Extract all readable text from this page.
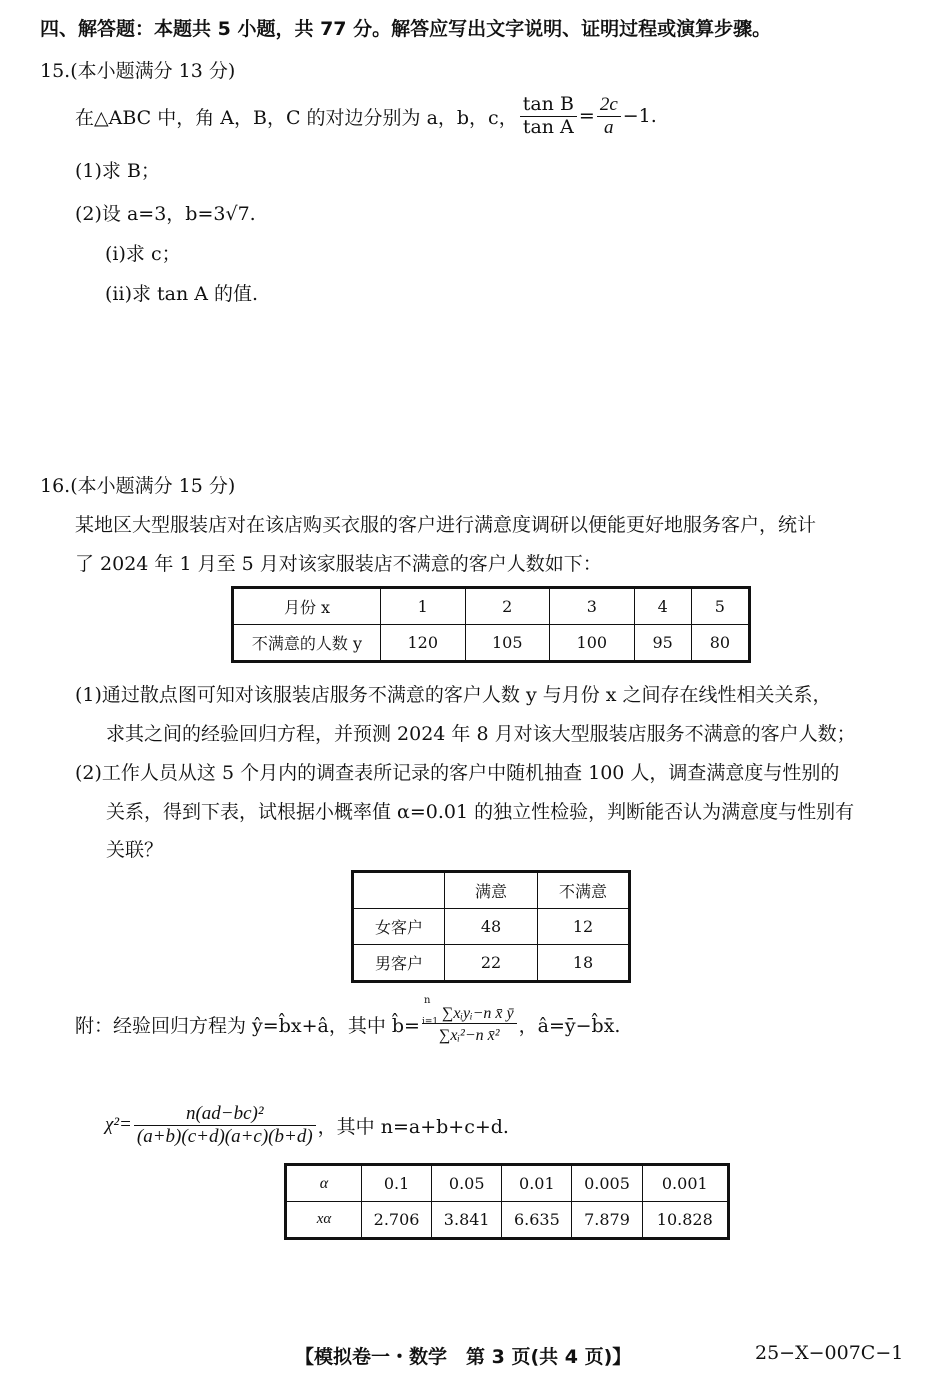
四、解答题：本题共 5 小题，共 77 分。解答应写出文字说明、证明过程或演算步骤。
15.(本小题满分 13 分)
在△ABC 中，角 A，B，C 的对边分别为 a，b，c， $\frac{\text{tan B}}{\text{tan A}} = \frac{2c}{a} -1$.
(1)求 B；
(2)设 a=3，b=3√7.
(ⅰ)求 c；
(ⅱ)求 tan A 的值.
16.(本小题满分 15 分)
某地区大型服装店对在该店购买衣服的客户进行满意度调研以便能更好地服务客户，统计
了 2024 年 1 月至 5 月对该家服装店不满意的客户人数如下：
月份 x	1	2	3	4	5
不满意的人数 y	120	105	100	95	80
(1)通过散点图可知对该服装店服务不满意的客户人数 y 与月份 x 之间存在线性相关关系，
求其之间的经验回归方程，并预测 2024 年 8 月对该大型服装店服务不满意的客户人数；
(2)工作人员从这 5 个月内的调查表所记录的客户中随机抽查 100 人，调查满意度与性别的
关系，得到下表，试根据小概率值 α=0.01 的独立性检验，判断能否认为满意度与性别有
关联？
	满意	不满意
女客户	48	12
男客户	22	18
附：经验回归方程为 ŷ=b̂x+â，其中 b̂= n
∑xᵢyᵢ−n x̄ ȳ
i=1
∑xᵢ²−n x̄² ，â=ȳ−b̂x̄.
$\chi^2= \frac{\text{n(ad−bc)²}}{(a+b)(c+d)(a+c)(b+d)}$ ，其中 n=a+b+c+d.
α	0.1	0.05	0.01	0.005	0.001
xα	2.706	3.841	6.635	7.879	10.828
【模拟卷一・数学　第 3 页(共 4 页)】	25−X−007C−1
